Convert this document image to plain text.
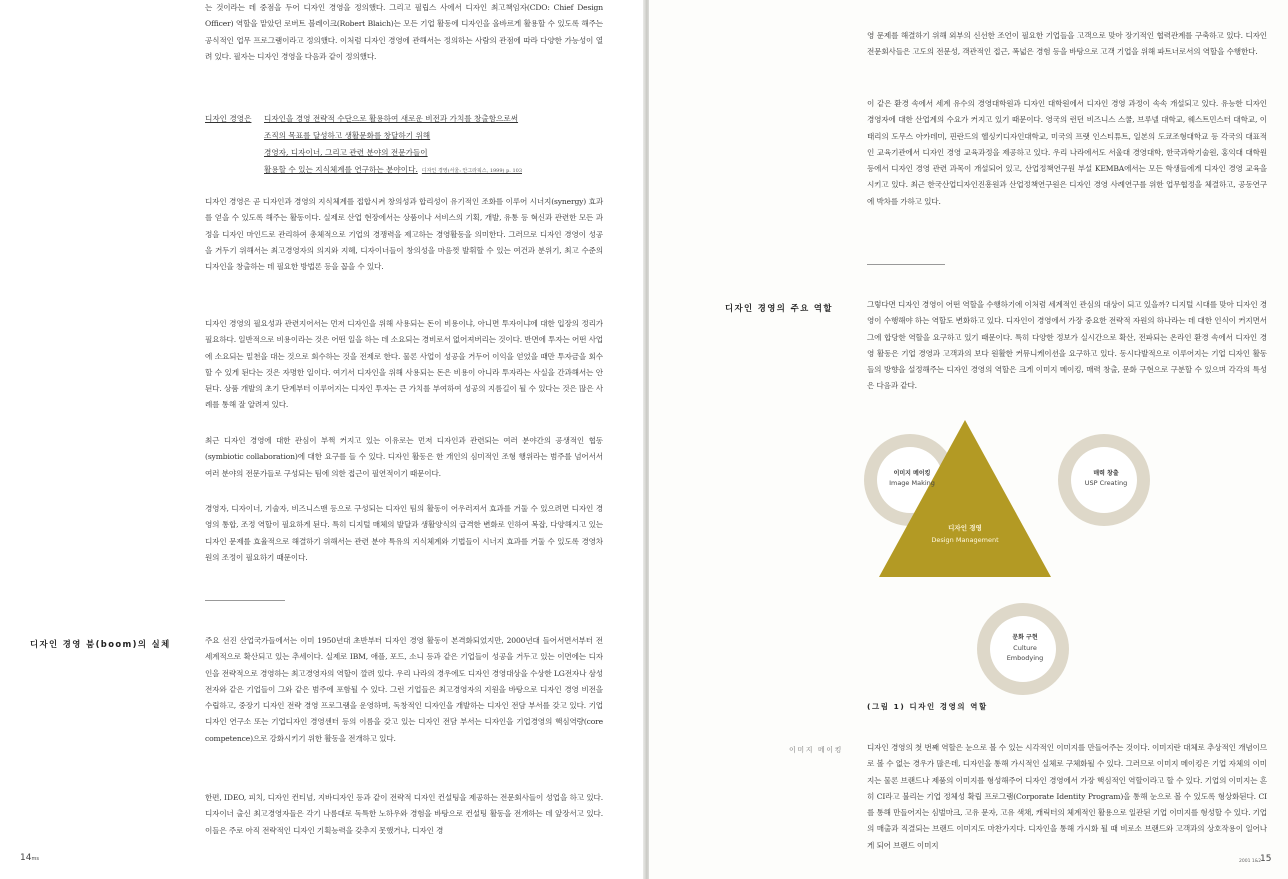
는 것이라는 데 중점을 두어 디자인 경영을 정의했다. 그리고 필립스 사에서 디자인 최고책임자(CDO: Chief Design Officer) 역할을 맡았던 로버트 블레이크(Robert Blaich)는 모든 기업 활동에 디자인을 올바르게 활용할 수 있도록 해주는 공식적인 업무 프로그램이라고 정의했다. 이처럼 디자인 경영에 관해서는 정의하는 사람의 관점에 따라 다양한 가능성이 열려 있다. 필자는 디자인 경영을 다음과 같이 정의했다.

디자인 경영은 디자인을 경영 전략적 수단으로 활용하여 새로운 비전과 가치를 창출함으로써
조직의 목표를 달성하고 생활문화를 창달하기 위해
경영자, 디자이너, 그리고 관련 분야의 전문가들이
활용할 수 있는 지식체계를 연구하는 분야이다. 디자인 경영(서울: 안그라픽스, 1999) p. 103

디자인 경영은 곧 디자인과 경영의 지식체계를 접합시켜 창의성과 합리성이 유기적인 조화를 이루어 시너지(synergy) 효과를 얻을 수 있도록 해주는 활동이다. 실제로 산업 현장에서는 상품이나 서비스의 기획, 개발, 유통 등 혁신과 관련한 모든 과정을 디자인 마인드로 관리하여 총체적으로 기업의 경쟁력을 제고하는 경영활동을 의미한다. 그러므로 디자인 경영이 성공을 거두기 위해서는 최고경영자의 의지와 지혜, 디자이너들이 창의성을 마음껏 발휘할 수 있는 여건과 분위기, 최고 수준의 디자인을 창출하는 데 필요한 방법론 등을 꼽을 수 있다.

디자인 경영의 필요성과 관련지어서는 먼저 디자인을 위해 사용되는 돈이 비용이냐, 아니면 투자이냐에 대한 입장의 정리가 필요하다. 일반적으로 비용이라는 것은 어떤 일을 하는 데 소요되는 경비로서 없어져버리는 것이다. 반면에 투자는 어떤 사업에 소요되는 밑천을 대는 것으로 회수하는 것을 전제로 한다. 물론 사업이 성공을 거두어 이익을 얻었을 때만 투자금을 회수할 수 있게 된다는 것은 자명한 일이다. 여기서 디자인을 위해 사용되는 돈은 비용이 아니라 투자라는 사실을 간과해서는 안된다. 상품 개발의 초기 단계부터 이루어지는 디자인 투자는 큰 가치를 부여하여 성공의 지름길이 될 수 있다는 것은 많은 사례를 통해 잘 알려져 있다.

최근 디자인 경영에 대한 관심이 부쩍 커지고 있는 이유로는 먼저 디자인과 관련되는 여러 분야간의 공생적인 협동(symbiotic collaboration)에 대한 요구를 들 수 있다. 디자인 활동은 한 개인의 심미적인 조형 행위라는 범주를 넘어서서 여러 분야의 전문가들로 구성되는 팀에 의한 접근이 필연적이기 때문이다.

경영자, 디자이너, 기술자, 비즈니스맨 등으로 구성되는 디자인 팀의 활동이 어우러져서 효과를 거둘 수 있으려면 디자인 경영의 통합, 조정 역할이 필요하게 된다. 특히 디지털 매체의 발달과 생활양식의 급격한 변화로 인하여 복잡, 다양해지고 있는 디자인 문제를 효율적으로 해결하기 위해서는 관련 분야 특유의 지식체계와 기법들이 시너지 효과를 거둘 수 있도록 경영차원의 조정이 필요하기 때문이다.

디자인 경영 붐(boom)의 실체	주요 선진 산업국가들에서는 이미 1950년대 초반부터 디자인 경영 활동이 본격화되었지만, 2000년대 들어서면서부터 전 세계적으로 확산되고 있는 추세이다. 실제로 IBM, 애플, 포드, 소니 등과 같은 기업들이 성공을 거두고 있는 이면에는 디자인을 전략적으로 경영하는 최고경영자의 역할이 깔려 있다. 우리 나라의 경우에도 디자인 경영대상을 수상한 LG전자나 삼성전자와 같은 기업들이 그와 같은 범주에 포함될 수 있다. 그런 기업들은 최고경영자의 지원을 바탕으로 디자인 경영 비전을 수립하고, 중장기 디자인 전략 경영 프로그램을 운영하며, 독창적인 디자인을 개발하는 디자인 전담 부서를 갖고 있다. 기업디자인 연구소 또는 기업디자인 경영센터 등의 이름을 갖고 있는 디자인 전담 부서는 디자인을 기업경영의 핵심역량(core competence)으로 강화시키기 위한 활동을 전개하고 있다.

한편, IDEO, 피치, 디자인 컨티넘, 지바디자인 등과 같이 전략적 디자인 컨설팅을 제공하는 전문회사들이 성업을 하고 있다. 디자이너 출신 최고경영자들은 각기 나름대로 독특한 노하우와 경험을 바탕으로 컨설팅 활동을 전개하는 데 앞장서고 있다. 이들은 주로 아직 전략적인 디자인 기획능력을 갖추지 못했거나, 디자인 경

14ms

영 문제를 해결하기 위해 외부의 신선한 조언이 필요한 기업들을 고객으로 맞아 장기적인 협력관계를 구축하고 있다. 디자인 전문회사들은 고도의 전문성, 객관적인 접근, 폭넓은 경험 등을 바탕으로 고객 기업을 위해 파트너로서의 역할을 수행한다.

이 같은 환경 속에서 세계 유수의 경영대학원과 디자인 대학원에서 디자인 경영 과정이 속속 개설되고 있다. 유능한 디자인 경영자에 대한 산업계의 수요가 커지고 있기 때문이다. 영국의 런던 비즈니스 스쿨, 브루넬 대학교, 웨스트민스터 대학교, 이태리의 도무스 아카데미, 핀란드의 헬싱키디자인대학교, 미국의 프랫 인스티튜트, 일본의 도쿄조형대학교 등 각국의 대표적인 교육기관에서 디자인 경영 교육과정을 제공하고 있다. 우리 나라에서도 서울대 경영대학, 한국과학기술원, 홍익대 대학원 등에서 디자인 경영 관련 과목이 개설되어 있고, 산업정책연구원 부설 KEMBA에서는 모든 학생들에게 디자인 경영 교육을 시키고 있다. 최근 한국산업디자인진흥원과 산업정책연구원은 디자인 경영 사례연구를 위한 업무협정을 체결하고, 공동연구에 박차를 가하고 있다.

디자인 경영의 주요 역할	그렇다면 디자인 경영이 어떤 역할을 수행하기에 이처럼 세계적인 관심의 대상이 되고 있을까? 디지털 시대를 맞아 디자인 경영이 수행해야 하는 역할도 변화하고 있다. 디자인이 경영에서 가장 중요한 전략적 자원의 하나라는 데 대한 인식이 커지면서 그에 합당한 역할을 요구하고 있기 때문이다. 특히 다양한 정보가 실시간으로 확산, 전파되는 온라인 환경 속에서 디자인 경영 활동은 기업 경영과 고객과의 보다 원활한 커뮤니케이션을 요구하고 있다. 동시다발적으로 이루어지는 기업 디자인 활동들의 방향을 설정해주는 디자인 경영의 역할은 크게 이미지 메이킹, 매력 창출, 문화 구현으로 구분할 수 있으며 각각의 특성은 다음과 같다.

이미지 메이킹
Image Making
매력 창출
USP Creating
디자인 경영
Design Management
문화 구현
Culture
Embodying

(그림 1) 디자인 경영의 역할

이미지 메이킹	디자인 경영의 첫 번째 역할은 눈으로 볼 수 있는 시각적인 이미지를 만들어주는 것이다. 이미지란 대체로 추상적인 개념이므로 볼 수 없는 경우가 많은데, 디자인을 통해 가시적인 실체로 구체화될 수 있다. 그러므로 이미지 메이킹은 기업 자체의 이미지는 물론 브랜드나 제품의 이미지를 형성해주어 디자인 경영에서 가장 핵심적인 역할이라고 할 수 있다. 기업의 이미지는 흔히 CI라고 불리는 기업 정체성 확립 프로그램(Corporate Identity Program)을 통해 눈으로 볼 수 있도록 형상화된다. CI를 통해 만들어지는 심벌마크, 고유 문자, 고유 색채, 캐릭터의 체계적인 활용으로 일관된 기업 이미지를 형성할 수 있다. 기업의 매출과 직결되는 브랜드 이미지도 마찬가지다. 디자인을 통해 가시화 될 때 비로소 브랜드와 고객과의 상호작용이 일어나게 되어 브랜드 이미지

2001 1&2
15
